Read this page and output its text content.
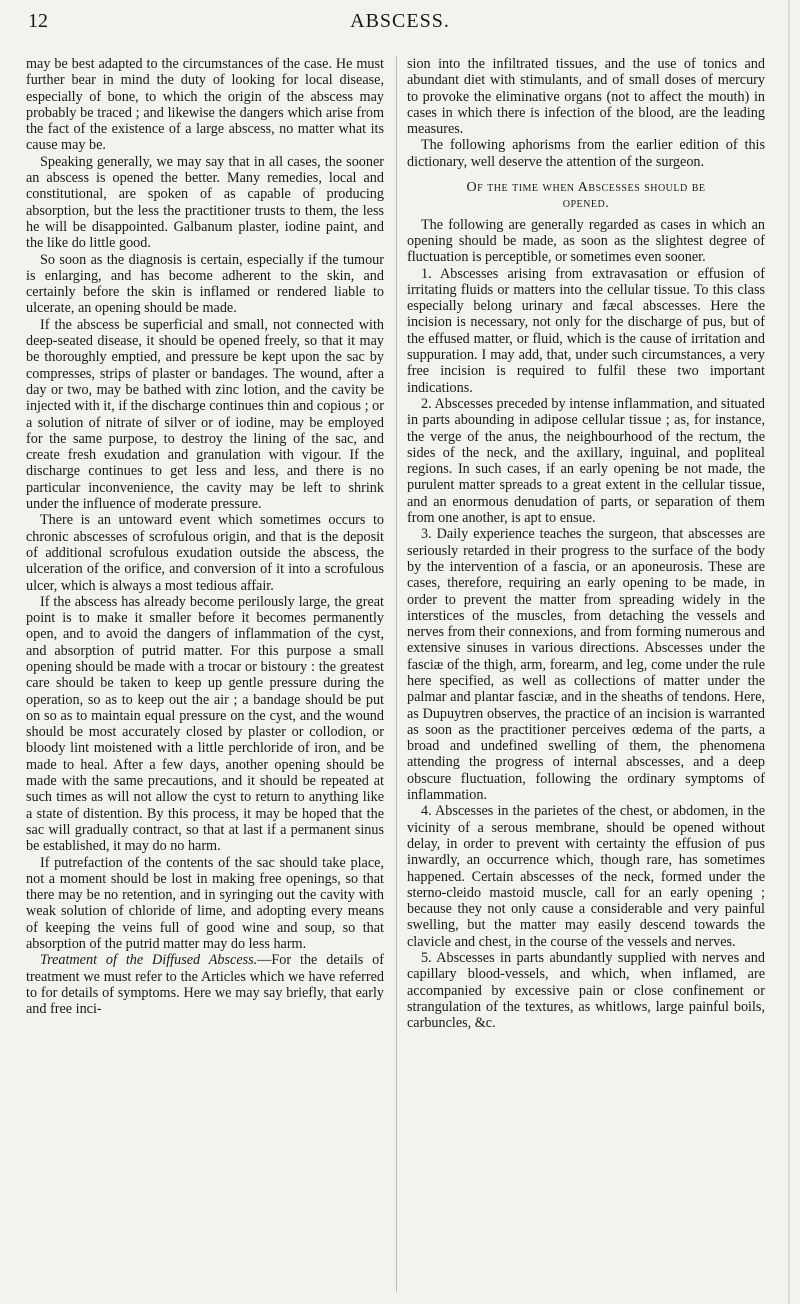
12	ABSCESS.

may be best adapted to the circumstances of the case. He must further bear in mind the duty of looking for local disease, especially of bone, to which the origin of the abscess may probably be traced ; and likewise the dangers which arise from the fact of the existence of a large abscess, no matter what its cause may be.

Speaking generally, we may say that in all cases, the sooner an abscess is opened the better. Many remedies, local and constitutional, are spoken of as capable of producing absorption, but the less the practitioner trusts to them, the less he will be disappointed. Galbanum plaster, iodine paint, and the like do little good.

So soon as the diagnosis is certain, especially if the tumour is enlarging, and has become adherent to the skin, and certainly before the skin is inflamed or rendered liable to ulcerate, an opening should be made.

If the abscess be superficial and small, not connected with deep-seated disease, it should be opened freely, so that it may be thoroughly emptied, and pressure be kept upon the sac by compresses, strips of plaster or bandages. The wound, after a day or two, may be bathed with zinc lotion, and the cavity be injected with it, if the discharge continues thin and copious ; or a solution of nitrate of silver or of iodine, may be employed for the same purpose, to destroy the lining of the sac, and create fresh exudation and granulation with vigour. If the discharge continues to get less and less, and there is no particular inconvenience, the cavity may be left to shrink under the influence of moderate pressure.

There is an untoward event which sometimes occurs to chronic abscesses of scrofulous origin, and that is the deposit of additional scrofulous exudation outside the abscess, the ulceration of the orifice, and conversion of it into a scrofulous ulcer, which is always a most tedious affair.

If the abscess has already become perilously large, the great point is to make it smaller before it becomes permanently open, and to avoid the dangers of inflammation of the cyst, and absorption of putrid matter. For this purpose a small opening should be made with a trocar or bistoury : the greatest care should be taken to keep up gentle pressure during the operation, so as to keep out the air ; a bandage should be put on so as to maintain equal pressure on the cyst, and the wound should be most accurately closed by plaster or collodion, or bloody lint moistened with a little perchloride of iron, and be made to heal. After a few days, another opening should be made with the same precautions, and it should be repeated at such times as will not allow the cyst to return to anything like a state of distention. By this process, it may be hoped that the sac will gradually contract, so that at last if a permanent sinus be established, it may do no harm.

If putrefaction of the contents of the sac should take place, not a moment should be lost in making free openings, so that there may be no retention, and in syringing out the cavity with weak solution of chloride of lime, and adopting every means of keeping the veins full of good wine and soup, so that absorption of the putrid matter may do less harm.

Treatment of the Diffused Abscess.—For the details of treatment we must refer to the Articles which we have referred to for details of symptoms. Here we may say briefly, that early and free inci-

sion into the infiltrated tissues, and the use of tonics and abundant diet with stimulants, and of small doses of mercury to provoke the eliminative organs (not to affect the mouth) in cases in which there is infection of the blood, are the leading measures.

The following aphorisms from the earlier edition of this dictionary, well deserve the attention of the surgeon.

Of the time when Abscesses should be
opened.

The following are generally regarded as cases in which an opening should be made, as soon as the slightest degree of fluctuation is perceptible, or sometimes even sooner.

1. Abscesses arising from extravasation or effusion of irritating fluids or matters into the cellular tissue. To this class especially belong urinary and fæcal abscesses. Here the incision is necessary, not only for the discharge of pus, but of the effused matter, or fluid, which is the cause of irritation and suppuration. I may add, that, under such circumstances, a very free incision is required to fulfil these two important indications.

2. Abscesses preceded by intense inflammation, and situated in parts abounding in adipose cellular tissue ; as, for instance, the verge of the anus, the neighbourhood of the rectum, the sides of the neck, and the axillary, inguinal, and popliteal regions. In such cases, if an early opening be not made, the purulent matter spreads to a great extent in the cellular tissue, and an enormous denudation of parts, or separation of them from one another, is apt to ensue.

3. Daily experience teaches the surgeon, that abscesses are seriously retarded in their progress to the surface of the body by the intervention of a fascia, or an aponeurosis. These are cases, therefore, requiring an early opening to be made, in order to prevent the matter from spreading widely in the interstices of the muscles, from detaching the vessels and nerves from their connexions, and from forming numerous and extensive sinuses in various directions. Abscesses under the fasciæ of the thigh, arm, forearm, and leg, come under the rule here specified, as well as collections of matter under the palmar and plantar fasciæ, and in the sheaths of tendons. Here, as Dupuytren observes, the practice of an incision is warranted as soon as the practitioner perceives œdema of the parts, a broad and undefined swelling of them, the phenomena attending the progress of internal abscesses, and a deep obscure fluctuation, following the ordinary symptoms of inflammation.

4. Abscesses in the parietes of the chest, or abdomen, in the vicinity of a serous membrane, should be opened without delay, in order to prevent with certainty the effusion of pus inwardly, an occurrence which, though rare, has sometimes happened. Certain abscesses of the neck, formed under the sterno-cleido mastoid muscle, call for an early opening ; because they not only cause a considerable and very painful swelling, but the matter may easily descend towards the clavicle and chest, in the course of the vessels and nerves.

5. Abscesses in parts abundantly supplied with nerves and capillary blood-vessels, and which, when inflamed, are accompanied by excessive pain or close confinement or strangulation of the textures, as whitlows, large painful boils, carbuncles, &c.
